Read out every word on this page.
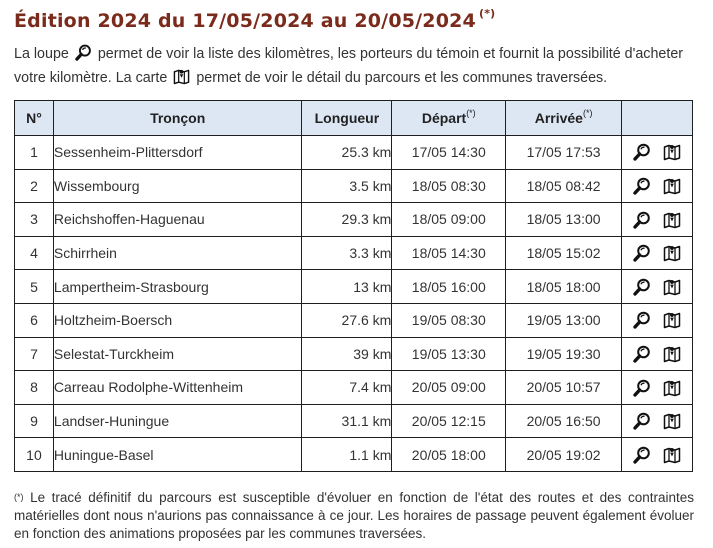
Édition 2024 du 17/05/2024 au 20/05/2024 (*)
La loupe permet de voir la liste des kilomètres, les porteurs du témoin et fournit la possibilité d'acheter votre kilomètre. La carte permet de voir le détail du parcours et les communes traversées.
N°	Tronçon	Longueur	Départ(*)	Arrivée(*)	
1	Sessenheim-Plittersdorf	25.3 km	17/05 14:30	17/05 17:53	
2	Wissembourg	3.5 km	18/05 08:30	18/05 08:42	
3	Reichshoffen-Haguenau	29.3 km	18/05 09:00	18/05 13:00	
4	Schirrhein	3.3 km	18/05 14:30	18/05 15:02	
5	Lampertheim-Strasbourg	13 km	18/05 16:00	18/05 18:00	
6	Holtzheim-Boersch	27.6 km	19/05 08:30	19/05 13:00	
7	Selestat-Turckheim	39 km	19/05 13:30	19/05 19:30	
8	Carreau Rodolphe-Wittenheim	7.4 km	20/05 09:00	20/05 10:57	
9	Landser-Huningue	31.1 km	20/05 12:15	20/05 16:50	
10	Huningue-Basel	1.1 km	20/05 18:00	20/05 19:02	
(*) Le tracé définitif du parcours est susceptible d'évoluer en fonction de l'état des routes et des contraintes matérielles dont nous n'aurions pas connaissance à ce jour. Les horaires de passage peuvent également évoluer en fonction des animations proposées par les communes traversées.
